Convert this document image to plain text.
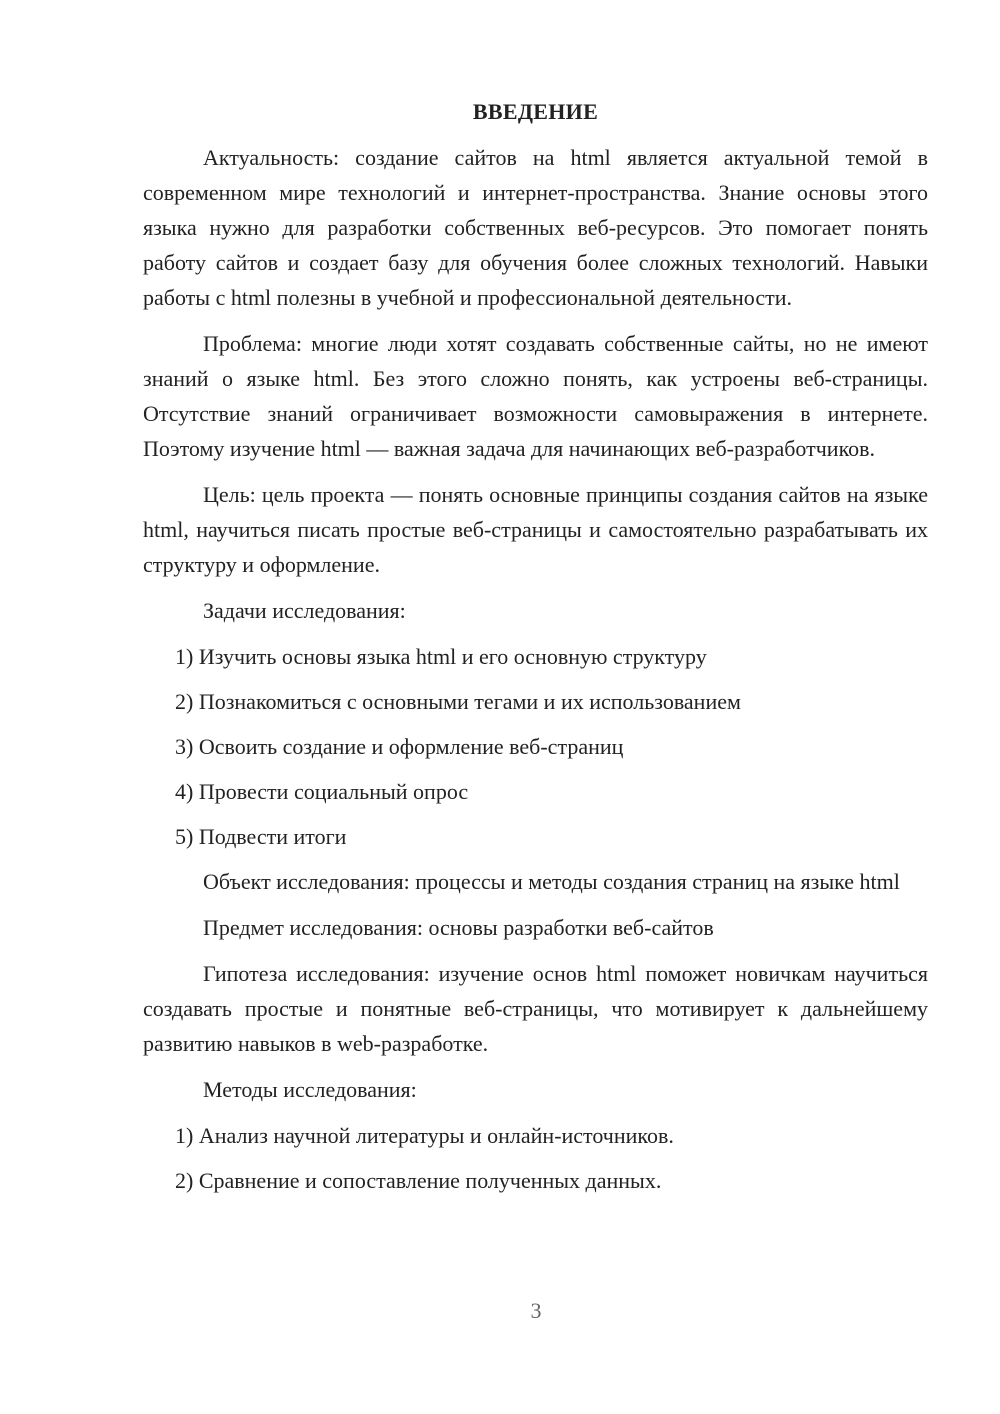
ВВЕДЕНИЕ

Актуальность: создание сайтов на html является актуальной темой в современном мире технологий и интернет-пространства. Знание основы этого языка нужно для разработки собственных веб-ресурсов. Это помогает понять работу сайтов и создает базу для обучения более сложных технологий. Навыки работы с html полезны в учебной и профессиональной деятельности.

Проблема: многие люди хотят создавать собственные сайты, но не имеют знаний о языке html. Без этого сложно понять, как устроены веб-страницы. Отсутствие знаний ограничивает возможности самовыражения в интернете. Поэтому изучение html — важная задача для начинающих веб-разработчиков.

Цель: цель проекта — понять основные принципы создания сайтов на языке html, научиться писать простые веб-страницы и самостоятельно разрабатывать их структуру и оформление.

Задачи исследования:

1) Изучить основы языка html и его основную структуру

2) Познакомиться с основными тегами и их использованием

3) Освоить создание и оформление веб-страниц

4) Провести социальный опрос

5) Подвести итоги

Объект исследования: процессы и методы создания страниц на языке html

Предмет исследования: основы разработки веб-сайтов

Гипотеза исследования: изучение основ html поможет новичкам научиться создавать простые и понятные веб-страницы, что мотивирует к дальнейшему развитию навыков в web-разработке.

Методы исследования:

1) Анализ научной литературы и онлайн-источников.

2) Сравнение и сопоставление полученных данных.

3
